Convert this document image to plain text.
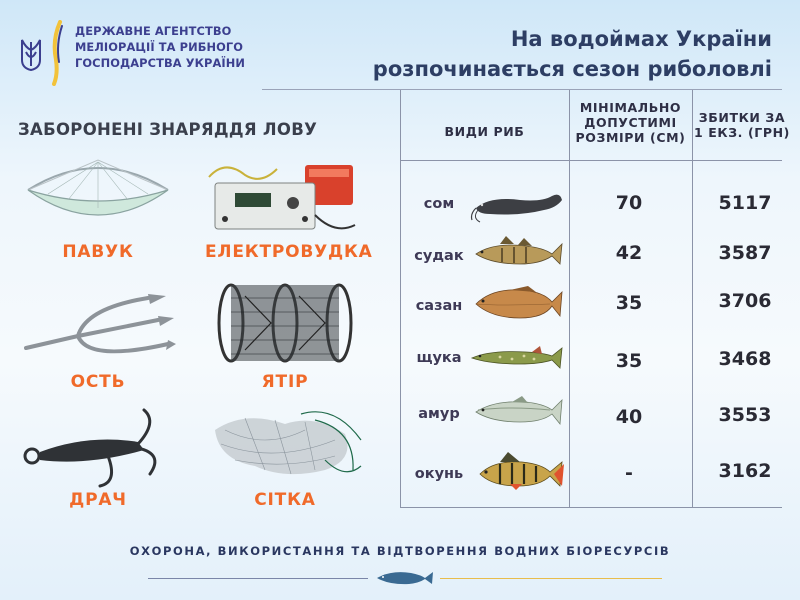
ДЕРЖАВНЕ АГЕНТСТВО
МЕЛІОРАЦІЇ ТА РИБНОГО
ГОСПОДАРСТВА УКРАЇНИ
На водоймах України
розпочинається сезон риболовлі
ЗАБОРОНЕНІ ЗНАРЯДДЯ ЛОВУ
ПАВУК	ЕЛЕКТРОВУДКА
ОСТЬ	ЯТІР
ДРАЧ	СІТКА
ВИДИ РИБ
МІНІМАЛЬНО
ДОПУСТИМІ
РОЗМІРИ (СМ)
ЗБИТКИ ЗА
1 ЕКЗ. (ГРН)
сом	70	5117
судак	42	3587
сазан	35	3706
щука	35	3468
амур	40	3553
окунь	-	3162
ОХОРОНА, ВИКОРИСТАННЯ ТА ВІДТВОРЕННЯ ВОДНИХ БІОРЕСУРСІВ
